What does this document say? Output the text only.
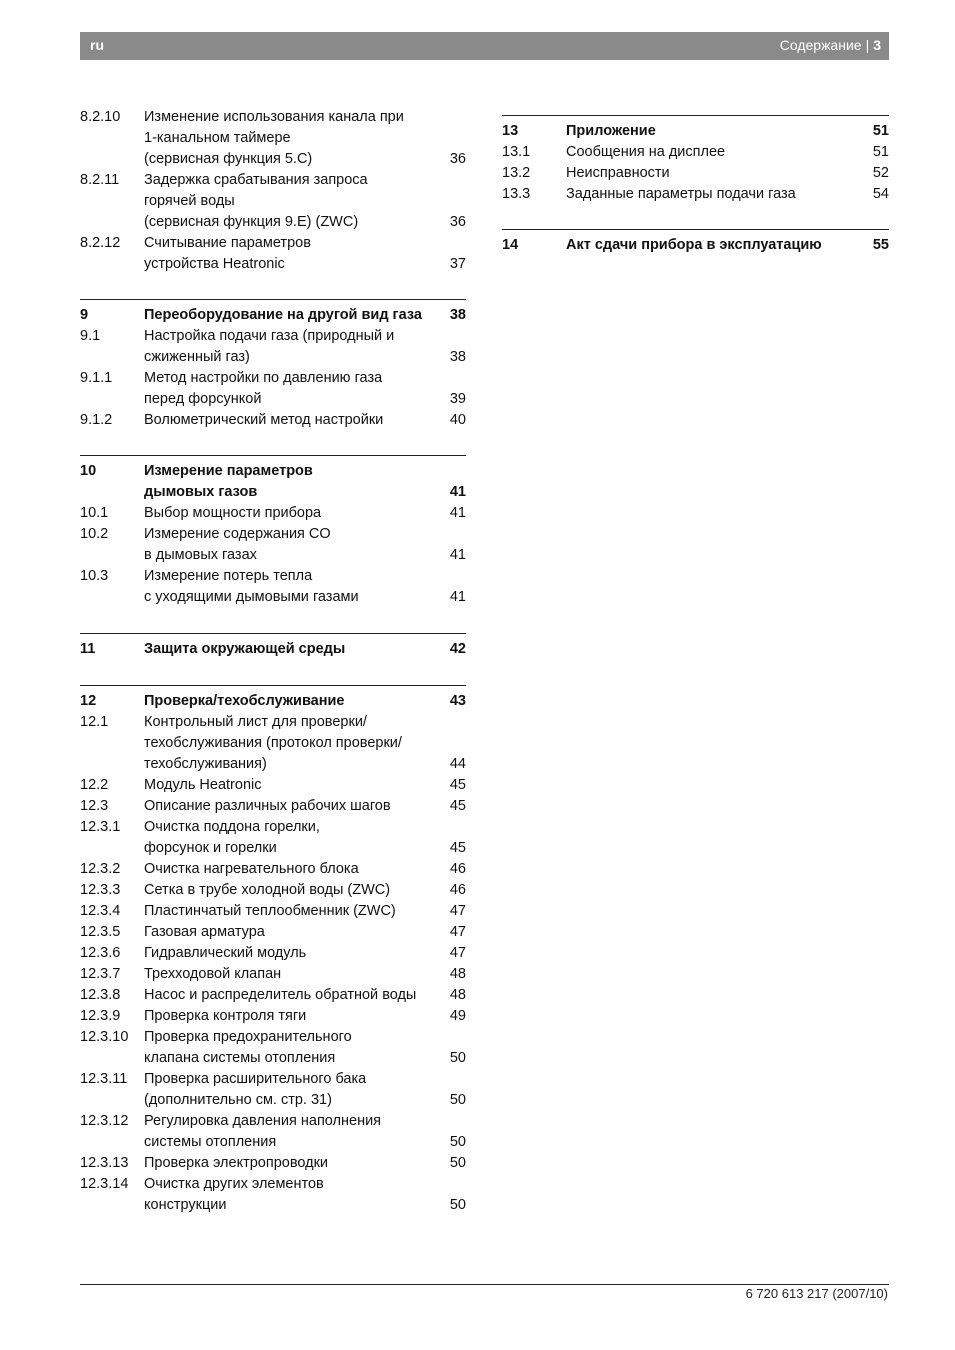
ru	Содержание | 3
8.2.10 Изменение использования канала при
1-канальном таймере
(сервисная функция 5.C)	36
8.2.11 Задержка срабатывания запроса
горячей воды
(сервисная функция 9.E) (ZWC)	36
8.2.12 Считывание параметров
устройства Heatronic	37
9	Переоборудование на другой вид газа 38
9.1	Настройка подачи газа (природный и
сжиженный газ)	38
9.1.1 Метод настройки по давлению газа
перед форсункой	39
9.1.2 Волюметрический метод настройки	40
10	Измерение параметров
дымовых газов	41
10.1 Выбор мощности прибора	41
10.2 Измерение содержания CO
в дымовых газах	41
10.3 Измерение потерь тепла
с уходящими дымовыми газами	41
11	Защита окружающей среды	42
12	Проверка/техобслуживание	43
12.1 Контрольный лист для проверки/
техобслуживания (протокол проверки/
техобслуживания)	44
12.2 Модуль Heatronic	45
12.3 Описание различных рабочих шагов	45
12.3.1 Очистка поддона горелки,
форсунок и горелки	45
12.3.2 Очистка нагревательного блока	46
12.3.3 Сетка в трубе холодной воды (ZWC)	46
12.3.4 Пластинчатый теплообменник (ZWC)	47
12.3.5 Газовая арматура	47
12.3.6 Гидравлический модуль	47
12.3.7 Трехходовой клапан	48
12.3.8 Насос и распределитель обратной воды	48
12.3.9 Проверка контроля тяги	49
12.3.10 Проверка предохранительного
клапана системы отопления	50
12.3.11 Проверка расширительного бака
(дополнительно см. стр. 31)	50
12.3.12 Регулировка давления наполнения
системы отопления	50
12.3.13 Проверка электропроводки	50
12.3.14 Очистка других элементов
конструкции	50
13	Приложение	51
13.1 Сообщения на дисплее	51
13.2 Неисправности	52
13.3 Заданные параметры подачи газа	54
14	Акт сдачи прибора в эксплуатацию	55
6 720 613 217 (2007/10)
